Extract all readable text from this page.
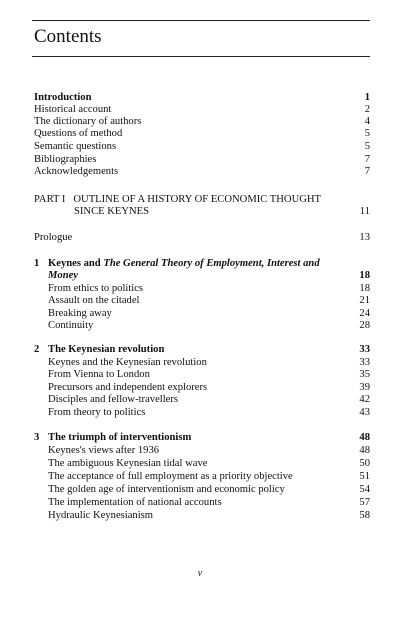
Contents
Introduction	1
Historical account	2
The dictionary of authors	4
Questions of method	5
Semantic questions	5
Bibliographies	7
Acknowledgements	7
PART I   OUTLINE OF A HISTORY OF ECONOMIC THOUGHT
SINCE KEYNES	11
Prologue	13
1 Keynes and The General Theory of Employment, Interest and
Money	18
From ethics to politics	18
Assault on the citadel	21
Breaking away	24
Continuity	28
2 The Keynesian revolution	33
Keynes and the Keynesian revolution	33
From Vienna to London	35
Precursors and independent explorers	39
Disciples and fellow-travellers	42
From theory to politics	43
3 The triumph of interventionism	48
Keynes's views after 1936	48
The ambiguous Keynesian tidal wave	50
The acceptance of full employment as a priority objective	51
The golden age of interventionism and economic policy	54
The implementation of national accounts	57
Hydraulic Keynesianism	58
v
